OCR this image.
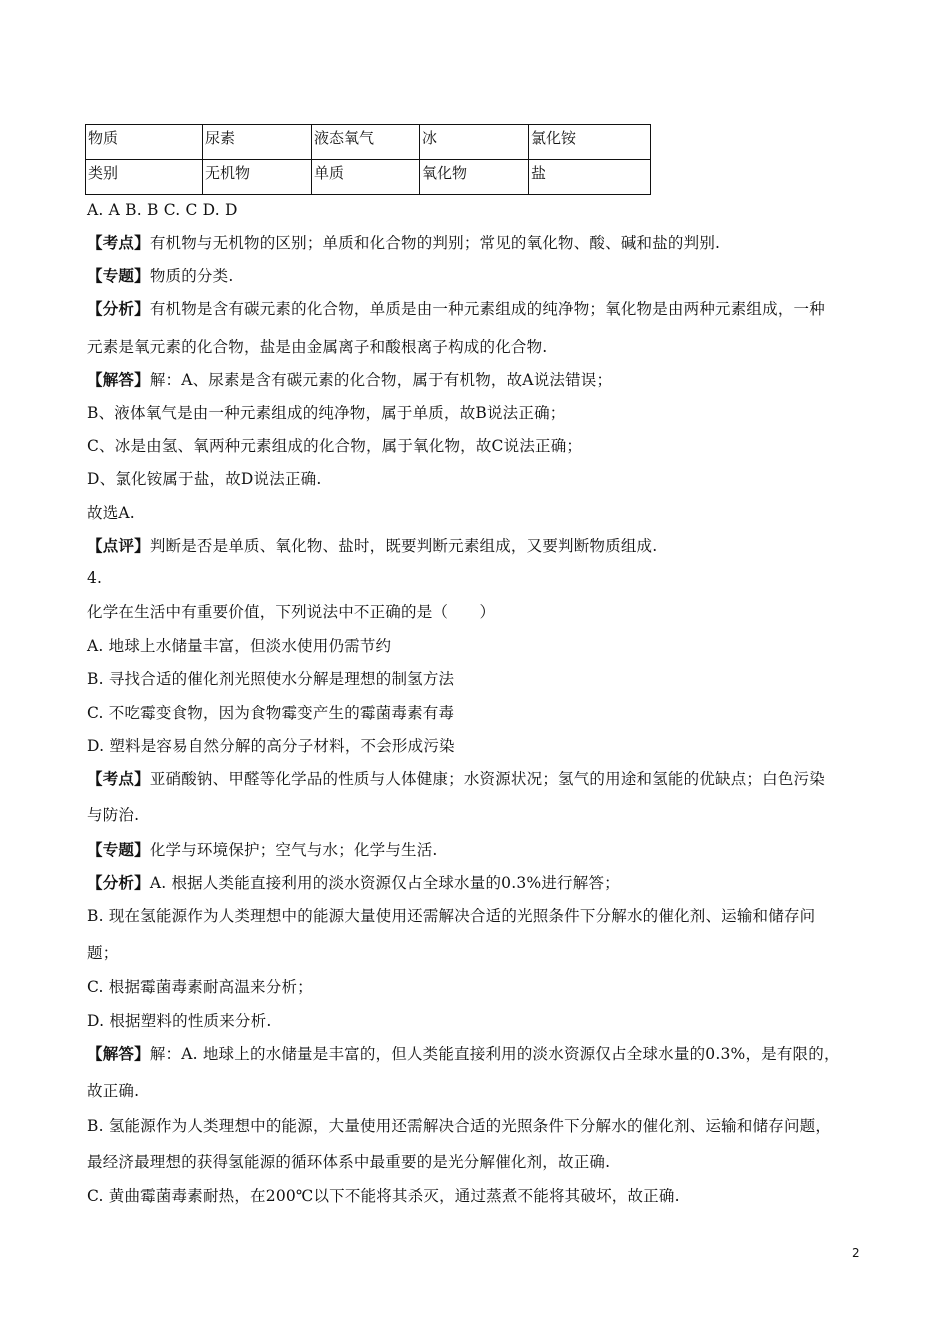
物质	尿素	液态氧气	冰	氯化铵
类别	无机物	单质	氧化物	盐
A. A B. B C. C D. D
【考点】有机物与无机物的区别；单质和化合物的判别；常见的氧化物、酸、碱和盐的判别.
【专题】物质的分类.
【分析】有机物是含有碳元素的化合物，单质是由一种元素组成的纯净物；氧化物是由两种元素组成，一种
元素是氧元素的化合物，盐是由金属离子和酸根离子构成的化合物.
【解答】解：A、尿素是含有碳元素的化合物，属于有机物，故A说法错误；
B、液体氧气是由一种元素组成的纯净物，属于单质，故B说法正确；
C、冰是由氢、氧两种元素组成的化合物，属于氧化物，故C说法正确；
D、氯化铵属于盐，故D说法正确.
故选A.
【点评】判断是否是单质、氧化物、盐时，既要判断元素组成，又要判断物质组成.
4.
化学在生活中有重要价值，下列说法中不正确的是（　　）
A. 地球上水储量丰富，但淡水使用仍需节约
B. 寻找合适的催化剂光照使水分解是理想的制氢方法
C. 不吃霉变食物，因为食物霉变产生的霉菌毒素有毒
D. 塑料是容易自然分解的高分子材料，不会形成污染
【考点】亚硝酸钠、甲醛等化学品的性质与人体健康；水资源状况；氢气的用途和氢能的优缺点；白色污染
与防治.
【专题】化学与环境保护；空气与水；化学与生活.
【分析】A. 根据人类能直接利用的淡水资源仅占全球水量的0.3%进行解答；
B. 现在氢能源作为人类理想中的能源大量使用还需解决合适的光照条件下分解水的催化剂、运输和储存问
题；
C. 根据霉菌毒素耐高温来分析；
D. 根据塑料的性质来分析.
【解答】解：A. 地球上的水储量是丰富的，但人类能直接利用的淡水资源仅占全球水量的0.3%，是有限的，
故正确.
B. 氢能源作为人类理想中的能源，大量使用还需解决合适的光照条件下分解水的催化剂、运输和储存问题，
最经济最理想的获得氢能源的循环体系中最重要的是光分解催化剂，故正确.
C. 黄曲霉菌毒素耐热，在200℃以下不能将其杀灭，通过蒸煮不能将其破坏，故正确.
2
